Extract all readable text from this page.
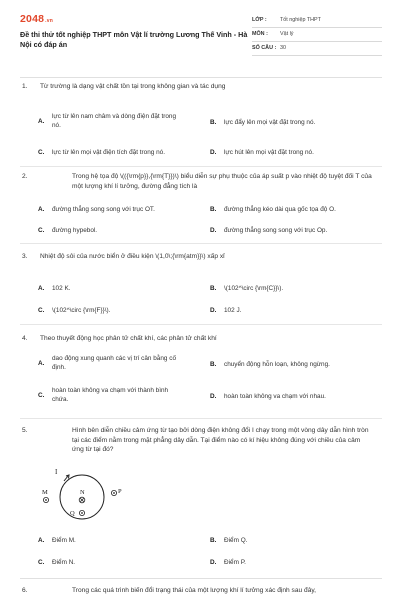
2048.vn
Đề thi thử tốt nghiệp THPT môn Vật lí trường Lương Thế Vinh - Hà Nội có đáp án
LỚP :	Tốt nghiệp THPT
MÔN :	Vật lý
SỐ CÂU : 30
1. Từ trường là dạng vật chất tồn tại trong không gian và tác dụng
A.
lực từ lên nam châm và dòng điện đặt trong nó.	B. lực đẩy lên mọi vật đặt trong nó.
C. lực từ lên mọi vật điện tích đặt trong nó.	D. lực hút lên mọi vật đặt trong nó.
2.	Trong hệ tọa độ \(({\rm{p}},{\rm{T}})\) biểu diễn sự phụ thuộc của áp suất p vào nhiệt độ tuyệt đối T của một lượng khí lí tưởng, đường đẳng tích là
A. đường thẳng song song với trục OT.	B. đường thẳng kéo dài qua gốc tọa độ O.
C. đường hypebol.	D. đường thẳng song song với trục Op.
3. Nhiệt độ sôi của nước biển ở điều kiện \(1,0\;{\rm{atm}}\) xấp xỉ
A. 102 K.	B. \(102^\circ {\rm{C}}\).
C. \(102^\circ {\rm{F}}\).	D. 102 J.
4. Theo thuyết động học phân tử chất khí, các phân tử chất khí
A.
dao động xung quanh các vị trí cân bằng cố định.	B. chuyển động hỗn loạn, không ngừng.
C.
hoàn toàn không va chạm với thành bình chứa.	D. hoàn toàn không va chạm với nhau.
5.	Hình bên diễn chiều cảm ứng từ tạo bởi dòng điện không đổi I chạy trong một vòng dây dẫn hình tròn tại các điểm nằm trong mặt phẳng dây dẫn. Tại điểm nào có kí hiệu không đúng với chiều của cảm ứng từ tại đó?
I
M	N	P
Q
A. Điểm M.	B. Điểm Q.
C. Điểm N.	D. Điểm P.
6.	Trong các quá trình biến đổi trạng thái của một lượng khí lí tưởng xác định sau đây,
